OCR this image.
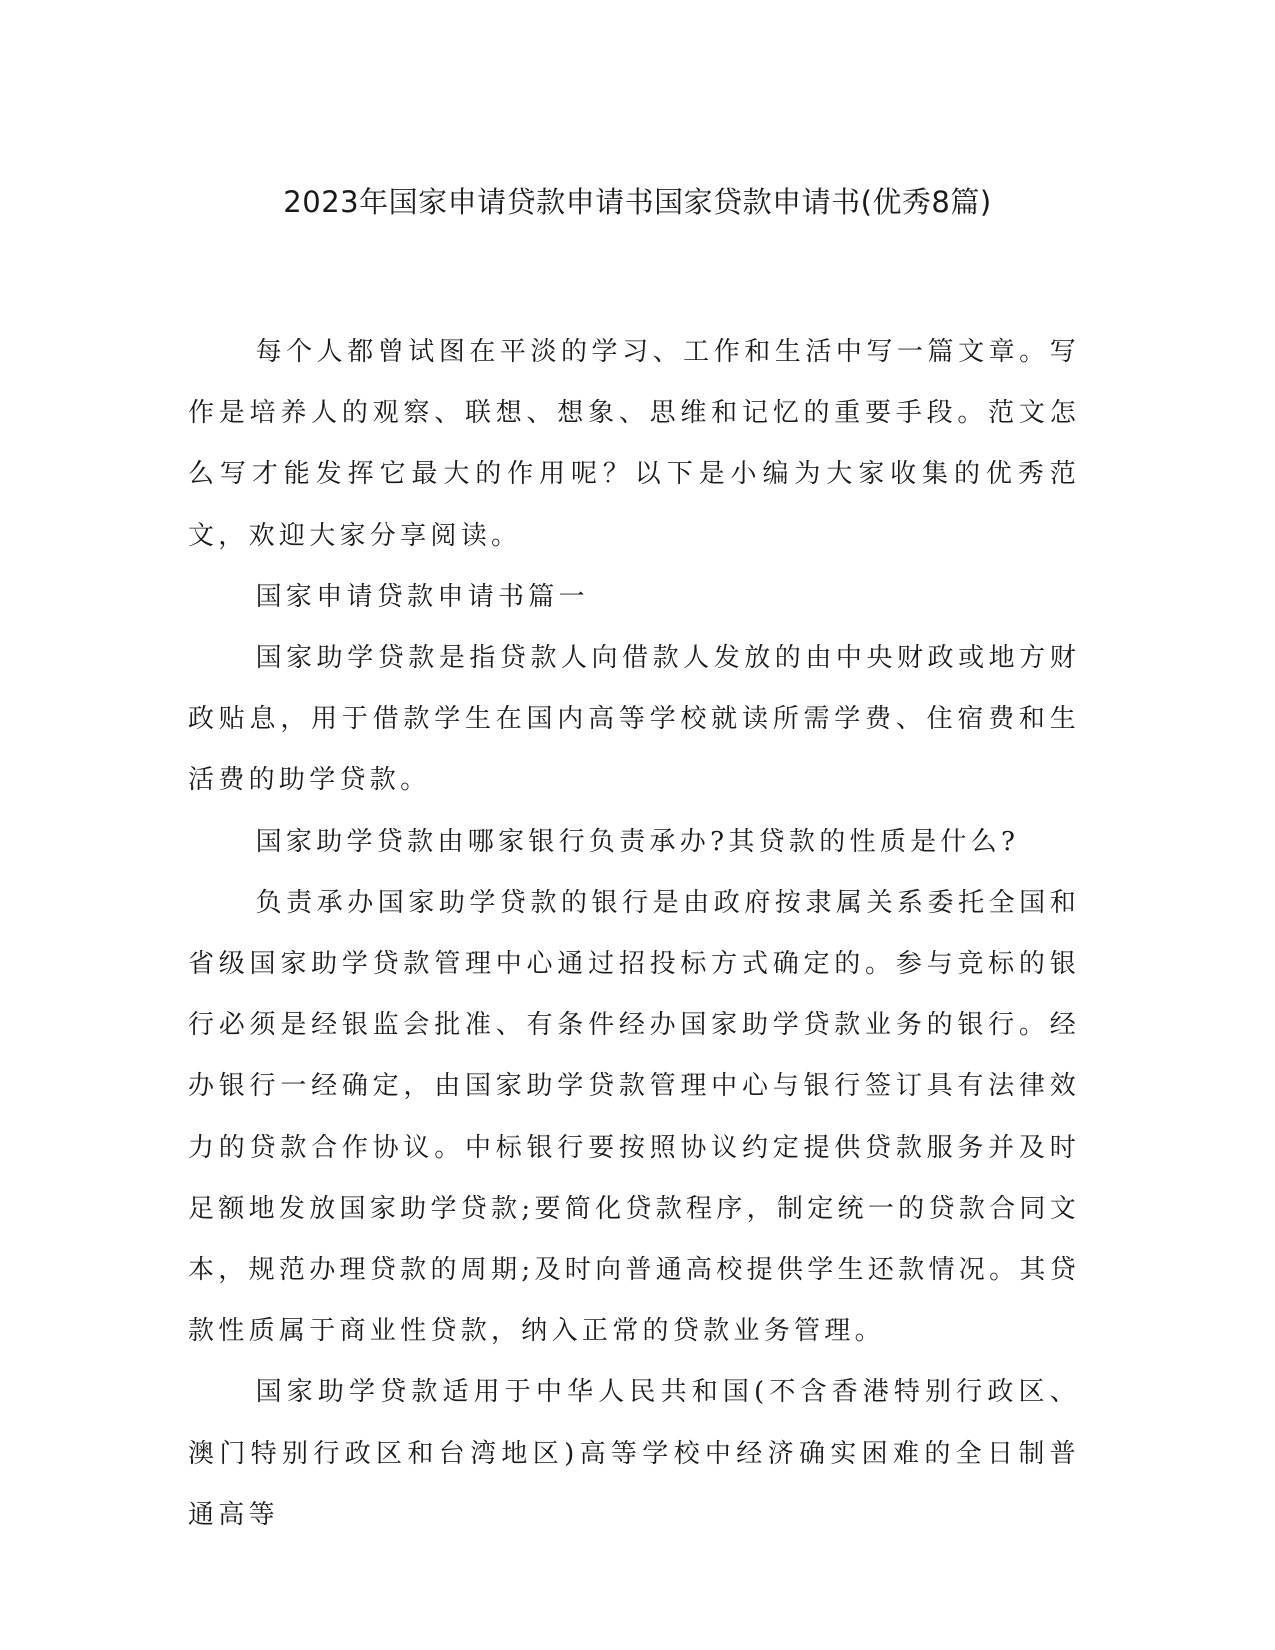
2023年国家申请贷款申请书国家贷款申请书(优秀8篇)

每个人都曾试图在平淡的学习、工作和生活中写一篇文章。写作是培养人的观察、联想、想象、思维和记忆的重要手段。范文怎么写才能发挥它最大的作用呢？以下是小编为大家收集的优秀范文，欢迎大家分享阅读。

国家申请贷款申请书篇一

国家助学贷款是指贷款人向借款人发放的由中央财政或地方财政贴息，用于借款学生在国内高等学校就读所需学费、住宿费和生活费的助学贷款。

国家助学贷款由哪家银行负责承办?其贷款的性质是什么?

负责承办国家助学贷款的银行是由政府按隶属关系委托全国和省级国家助学贷款管理中心通过招投标方式确定的。参与竞标的银行必须是经银监会批准、有条件经办国家助学贷款业务的银行。经办银行一经确定，由国家助学贷款管理中心与银行签订具有法律效力的贷款合作协议。中标银行要按照协议约定提供贷款服务并及时足额地发放国家助学贷款;要简化贷款程序，制定统一的贷款合同文本，规范办理贷款的周期;及时向普通高校提供学生还款情况。其贷款性质属于商业性贷款，纳入正常的贷款业务管理。

国家助学贷款适用于中华人民共和国(不含香港特别行政区、澳门特别行政区和台湾地区)高等学校中经济确实困难的全日制普通高等
